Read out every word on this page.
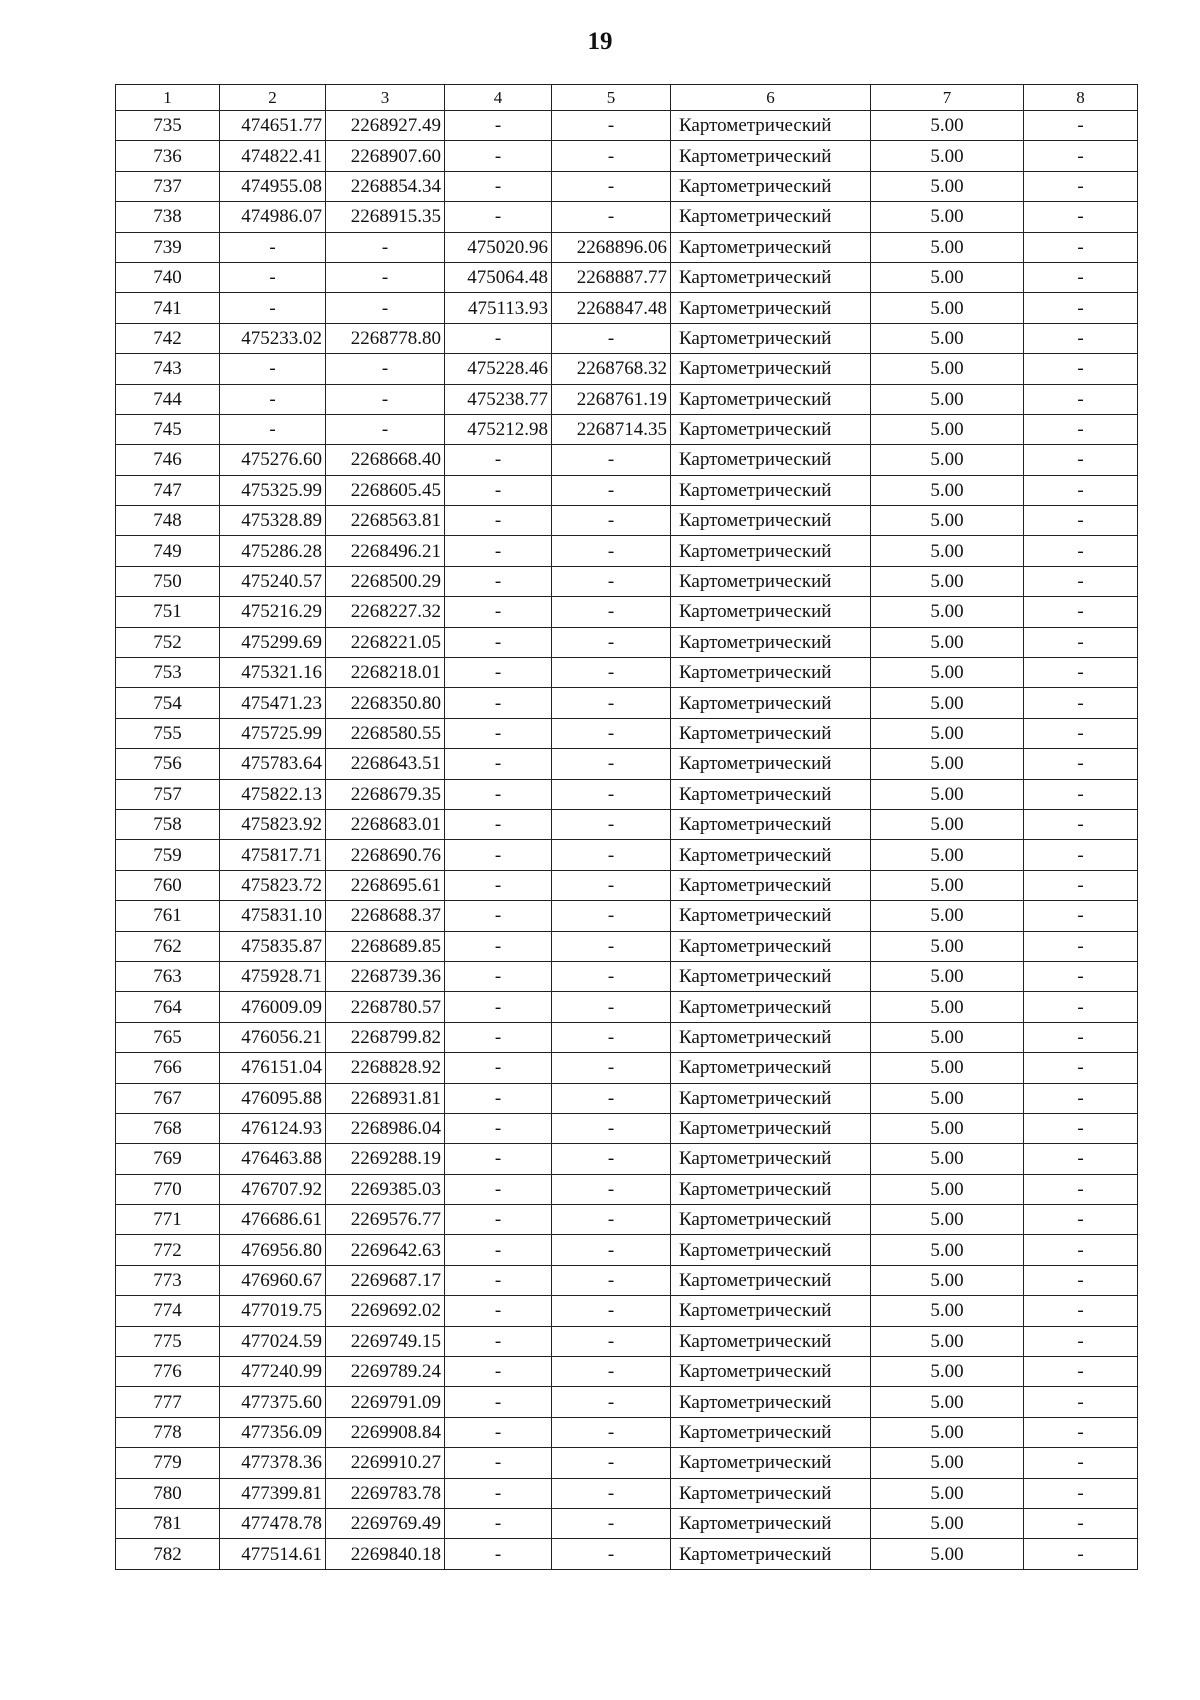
19
1	2	3	4	5	6	7	8
735	474651.77	2268927.49	-	-	Картометрический	5.00	-
736	474822.41	2268907.60	-	-	Картометрический	5.00	-
737	474955.08	2268854.34	-	-	Картометрический	5.00	-
738	474986.07	2268915.35	-	-	Картометрический	5.00	-
739	-	-	475020.96	2268896.06	Картометрический	5.00	-
740	-	-	475064.48	2268887.77	Картометрический	5.00	-
741	-	-	475113.93	2268847.48	Картометрический	5.00	-
742	475233.02	2268778.80	-	-	Картометрический	5.00	-
743	-	-	475228.46	2268768.32	Картометрический	5.00	-
744	-	-	475238.77	2268761.19	Картометрический	5.00	-
745	-	-	475212.98	2268714.35	Картометрический	5.00	-
746	475276.60	2268668.40	-	-	Картометрический	5.00	-
747	475325.99	2268605.45	-	-	Картометрический	5.00	-
748	475328.89	2268563.81	-	-	Картометрический	5.00	-
749	475286.28	2268496.21	-	-	Картометрический	5.00	-
750	475240.57	2268500.29	-	-	Картометрический	5.00	-
751	475216.29	2268227.32	-	-	Картометрический	5.00	-
752	475299.69	2268221.05	-	-	Картометрический	5.00	-
753	475321.16	2268218.01	-	-	Картометрический	5.00	-
754	475471.23	2268350.80	-	-	Картометрический	5.00	-
755	475725.99	2268580.55	-	-	Картометрический	5.00	-
756	475783.64	2268643.51	-	-	Картометрический	5.00	-
757	475822.13	2268679.35	-	-	Картометрический	5.00	-
758	475823.92	2268683.01	-	-	Картометрический	5.00	-
759	475817.71	2268690.76	-	-	Картометрический	5.00	-
760	475823.72	2268695.61	-	-	Картометрический	5.00	-
761	475831.10	2268688.37	-	-	Картометрический	5.00	-
762	475835.87	2268689.85	-	-	Картометрический	5.00	-
763	475928.71	2268739.36	-	-	Картометрический	5.00	-
764	476009.09	2268780.57	-	-	Картометрический	5.00	-
765	476056.21	2268799.82	-	-	Картометрический	5.00	-
766	476151.04	2268828.92	-	-	Картометрический	5.00	-
767	476095.88	2268931.81	-	-	Картометрический	5.00	-
768	476124.93	2268986.04	-	-	Картометрический	5.00	-
769	476463.88	2269288.19	-	-	Картометрический	5.00	-
770	476707.92	2269385.03	-	-	Картометрический	5.00	-
771	476686.61	2269576.77	-	-	Картометрический	5.00	-
772	476956.80	2269642.63	-	-	Картометрический	5.00	-
773	476960.67	2269687.17	-	-	Картометрический	5.00	-
774	477019.75	2269692.02	-	-	Картометрический	5.00	-
775	477024.59	2269749.15	-	-	Картометрический	5.00	-
776	477240.99	2269789.24	-	-	Картометрический	5.00	-
777	477375.60	2269791.09	-	-	Картометрический	5.00	-
778	477356.09	2269908.84	-	-	Картометрический	5.00	-
779	477378.36	2269910.27	-	-	Картометрический	5.00	-
780	477399.81	2269783.78	-	-	Картометрический	5.00	-
781	477478.78	2269769.49	-	-	Картометрический	5.00	-
782	477514.61	2269840.18	-	-	Картометрический	5.00	-
